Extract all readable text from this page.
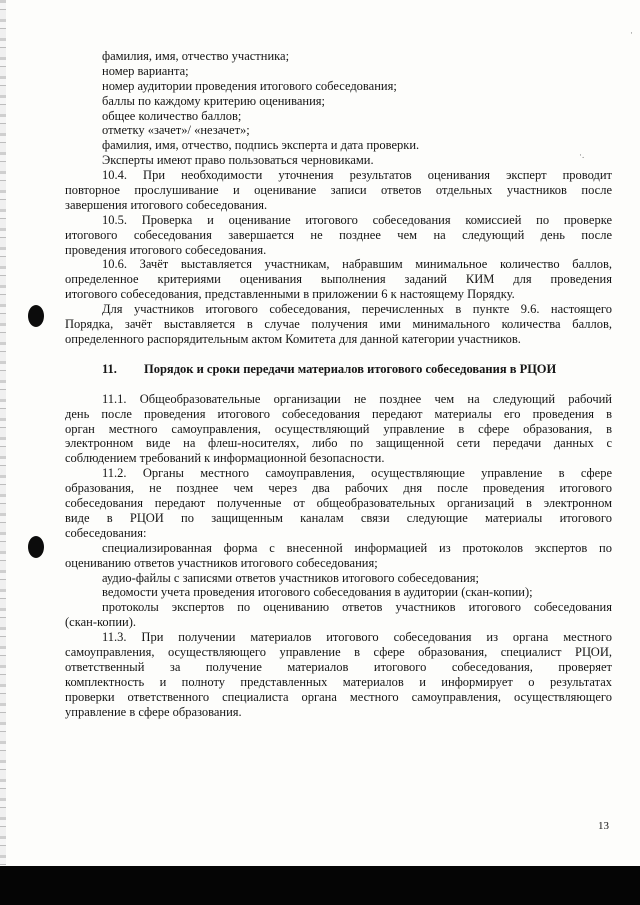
·
·.
фамилия, имя, отчество участника;
номер варианта;
номер аудитории проведения итогового собеседования;
баллы по каждому критерию оценивания;
общее количество баллов;
отметку «зачет»/ «незачет»;
фамилия, имя, отчество, подпись эксперта и дата проверки.
Эксперты имеют право пользоваться черновиками.
10.4. При необходимости уточнения результатов оценивания эксперт проводит
повторное прослушивание и оценивание записи ответов отдельных участников после
завершения итогового собеседования.
10.5. Проверка и оценивание итогового собеседования комиссией по проверке
итогового собеседования завершается не позднее чем на следующий день после
проведения итогового собеседования.
10.6. Зачёт выставляется участникам, набравшим минимальное количество баллов,
определенное критериями оценивания выполнения заданий КИМ для проведения
итогового собеседования, представленными в приложении 6 к настоящему Порядку.
Для участников итогового собеседования, перечисленных в пункте 9.6. настоящего
Порядка, зачёт выставляется в случае получения ими минимального количества баллов,
определенного распорядительным актом Комитета для данной категории участников.
11. Порядок и сроки передачи материалов итогового собеседования в РЦОИ
11.1. Общеобразовательные организации не позднее чем на следующий рабочий
день после проведения итогового собеседования передают материалы его проведения в
орган местного самоуправления, осуществляющий управление в сфере образования, в
электронном виде на флеш-носителях, либо по защищенной сети передачи данных с
соблюдением требований к информационной безопасности.
11.2. Органы местного самоуправления, осуществляющие управление в сфере
образования, не позднее чем через два рабочих дня после проведения итогового
собеседования передают полученные от общеобразовательных организаций в электронном
виде в РЦОИ по защищенным каналам связи следующие материалы итогового
собеседования:
специализированная форма с внесенной информацией из протоколов экспертов по
оцениванию ответов участников итогового собеседования;
аудио-файлы с записями ответов участников итогового собеседования;
ведомости учета проведения итогового собеседования в аудитории (скан-копии);
протоколы экспертов по оцениванию ответов участников итогового собеседования
(скан-копии).
11.3. При получении материалов итогового собеседования из органа местного
самоуправления, осуществляющего управление в сфере образования, специалист РЦОИ,
ответственный за получение материалов итогового собеседования, проверяет
комплектность и полноту представленных материалов и информирует о результатах
проверки ответственного специалиста органа местного самоуправления, осуществляющего
управление в сфере образования.
13
